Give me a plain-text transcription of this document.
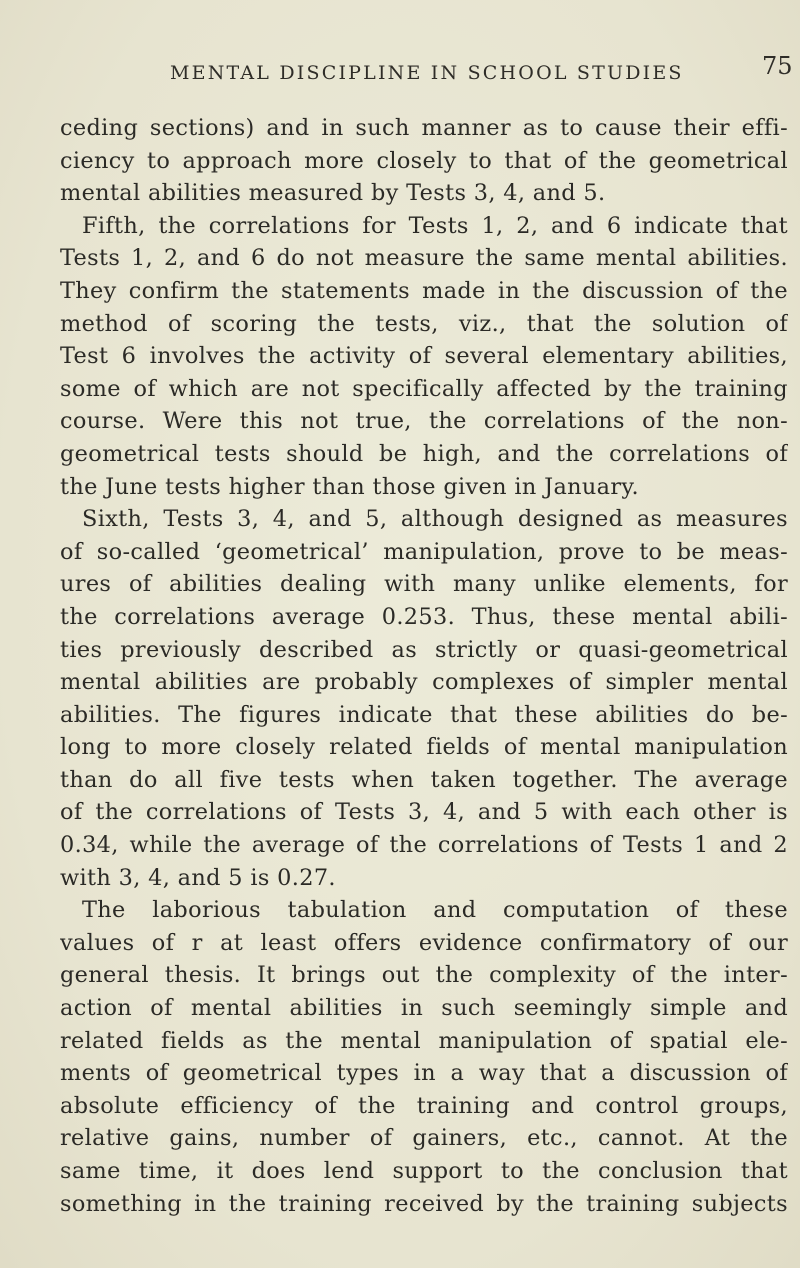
MENTAL DISCIPLINE IN SCHOOL STUDIES	75
ceding sections) and in such manner as to cause their effi-
ciency to approach more closely to that of the geometrical
mental abilities measured by Tests 3, 4, and 5.
Fifth, the correlations for Tests 1, 2, and 6 indicate that
Tests 1, 2, and 6 do not measure the same mental abilities.
They confirm the statements made in the discussion of the
method of scoring the tests, viz., that the solution of
Test 6 involves the activity of several elementary abilities,
some of which are not specifically affected by the training
course. Were this not true, the correlations of the non-
geometrical tests should be high, and the correlations of
the June tests higher than those given in January.
Sixth, Tests 3, 4, and 5, although designed as measures
of so-called ‘geometrical’ manipulation, prove to be meas-
ures of abilities dealing with many unlike elements, for
the correlations average 0.253. Thus, these mental abili-
ties previously described as strictly or quasi-geometrical
mental abilities are probably complexes of simpler mental
abilities. The figures indicate that these abilities do be-
long to more closely related fields of mental manipulation
than do all five tests when taken together. The average
of the correlations of Tests 3, 4, and 5 with each other is
0.34, while the average of the correlations of Tests 1 and 2
with 3, 4, and 5 is 0.27.
The laborious tabulation and computation of these
values of r at least offers evidence confirmatory of our
general thesis. It brings out the complexity of the inter-
action of mental abilities in such seemingly simple and
related fields as the mental manipulation of spatial ele-
ments of geometrical types in a way that a discussion of
absolute efficiency of the training and control groups,
relative gains, number of gainers, etc., cannot. At the
same time, it does lend support to the conclusion that
something in the training received by the training subjects
